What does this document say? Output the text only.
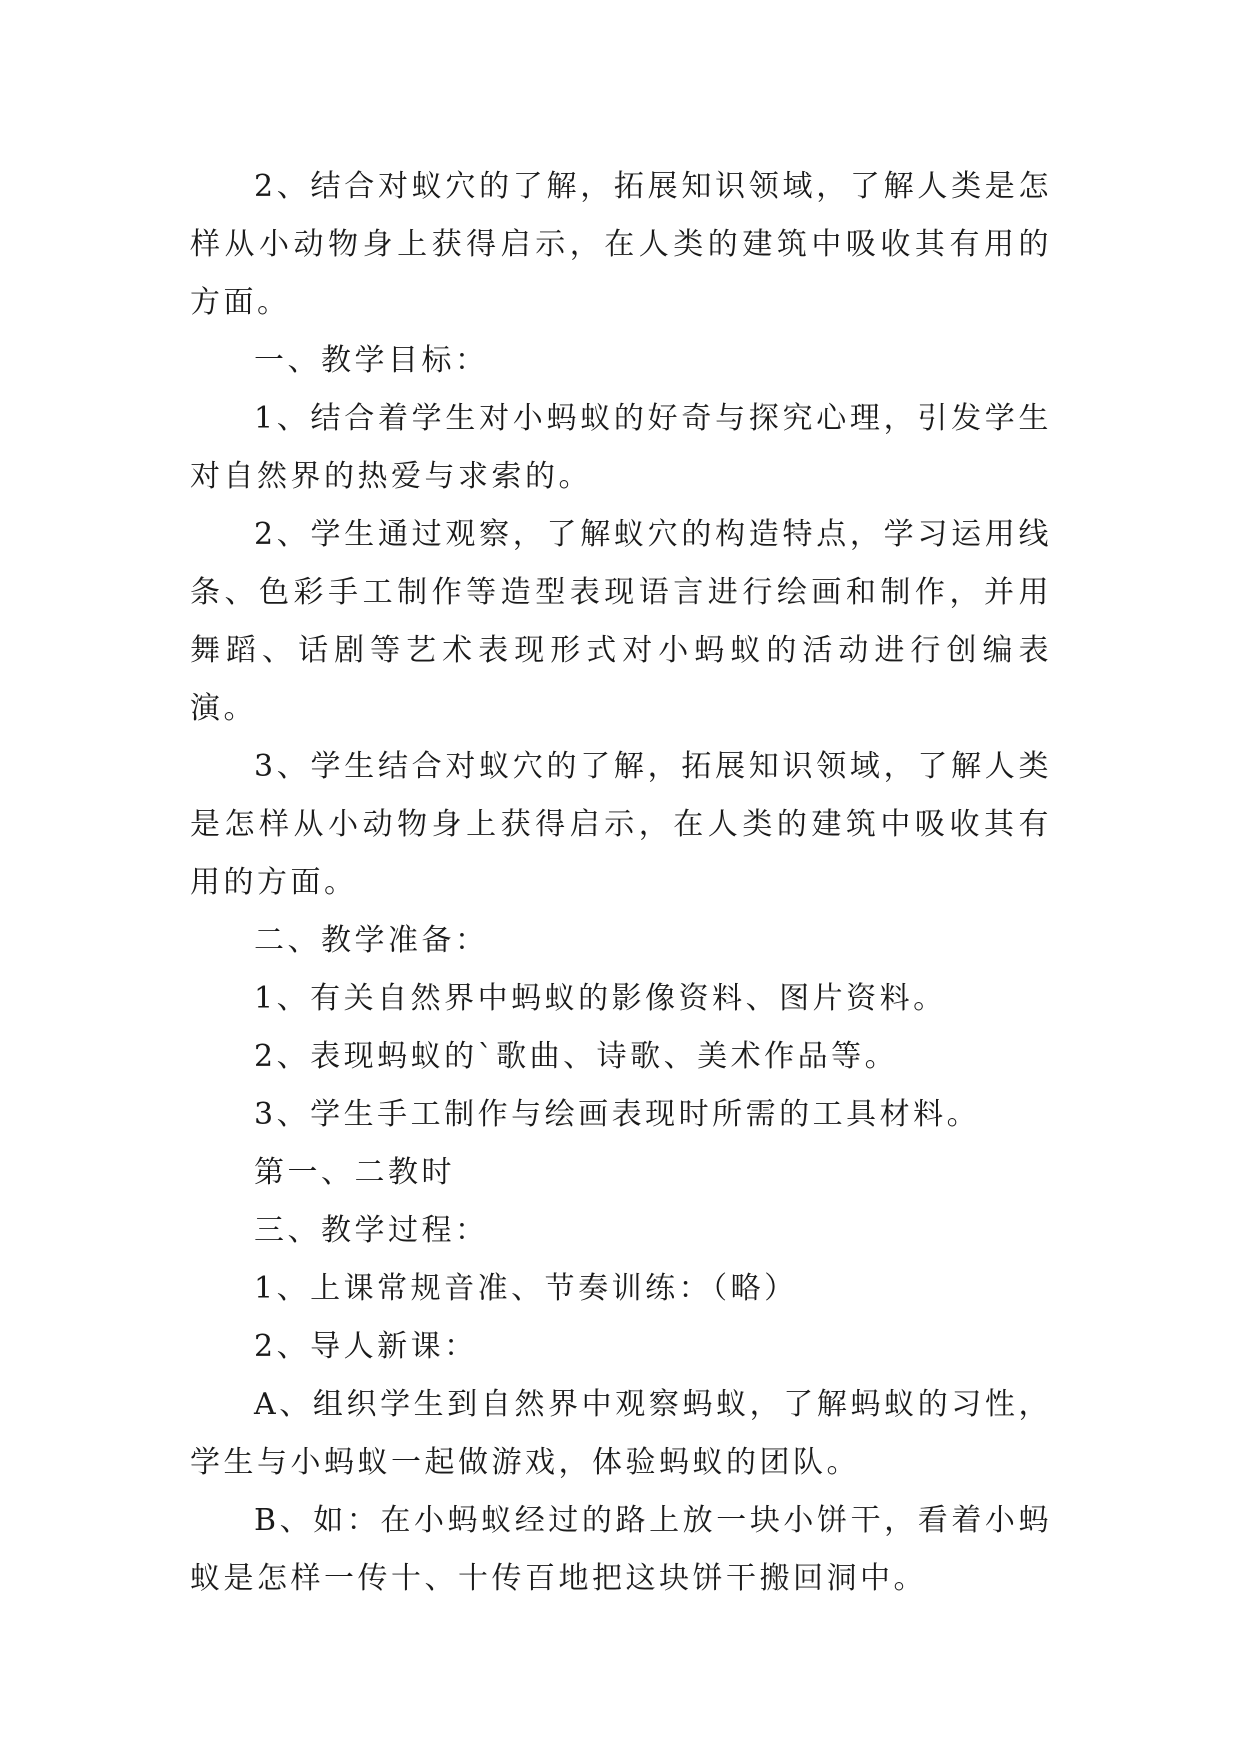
2、结合对蚁穴的了解，拓展知识领域，了解人类是怎样从小动物身上获得启示，在人类的建筑中吸收其有用的方面。

一、教学目标：

1、结合着学生对小蚂蚁的好奇与探究心理，引发学生对自然界的热爱与求索的。

2、学生通过观察，了解蚁穴的构造特点，学习运用线条、色彩手工制作等造型表现语言进行绘画和制作，并用舞蹈、话剧等艺术表现形式对小蚂蚁的活动进行创编表演。

3、学生结合对蚁穴的了解，拓展知识领域，了解人类是怎样从小动物身上获得启示，在人类的建筑中吸收其有用的方面。

二、教学准备：

1、有关自然界中蚂蚁的影像资料、图片资料。

2、表现蚂蚁的`歌曲、诗歌、美术作品等。

3、学生手工制作与绘画表现时所需的工具材料。

第一、二教时

三、教学过程：

1、上课常规音准、节奏训练：（略）

2、导人新课：

A、组织学生到自然界中观察蚂蚁，了解蚂蚁的习性，学生与小蚂蚁一起做游戏，体验蚂蚁的团队。

B、如：在小蚂蚁经过的路上放一块小饼干，看着小蚂蚁是怎样一传十、十传百地把这块饼干搬回洞中。
